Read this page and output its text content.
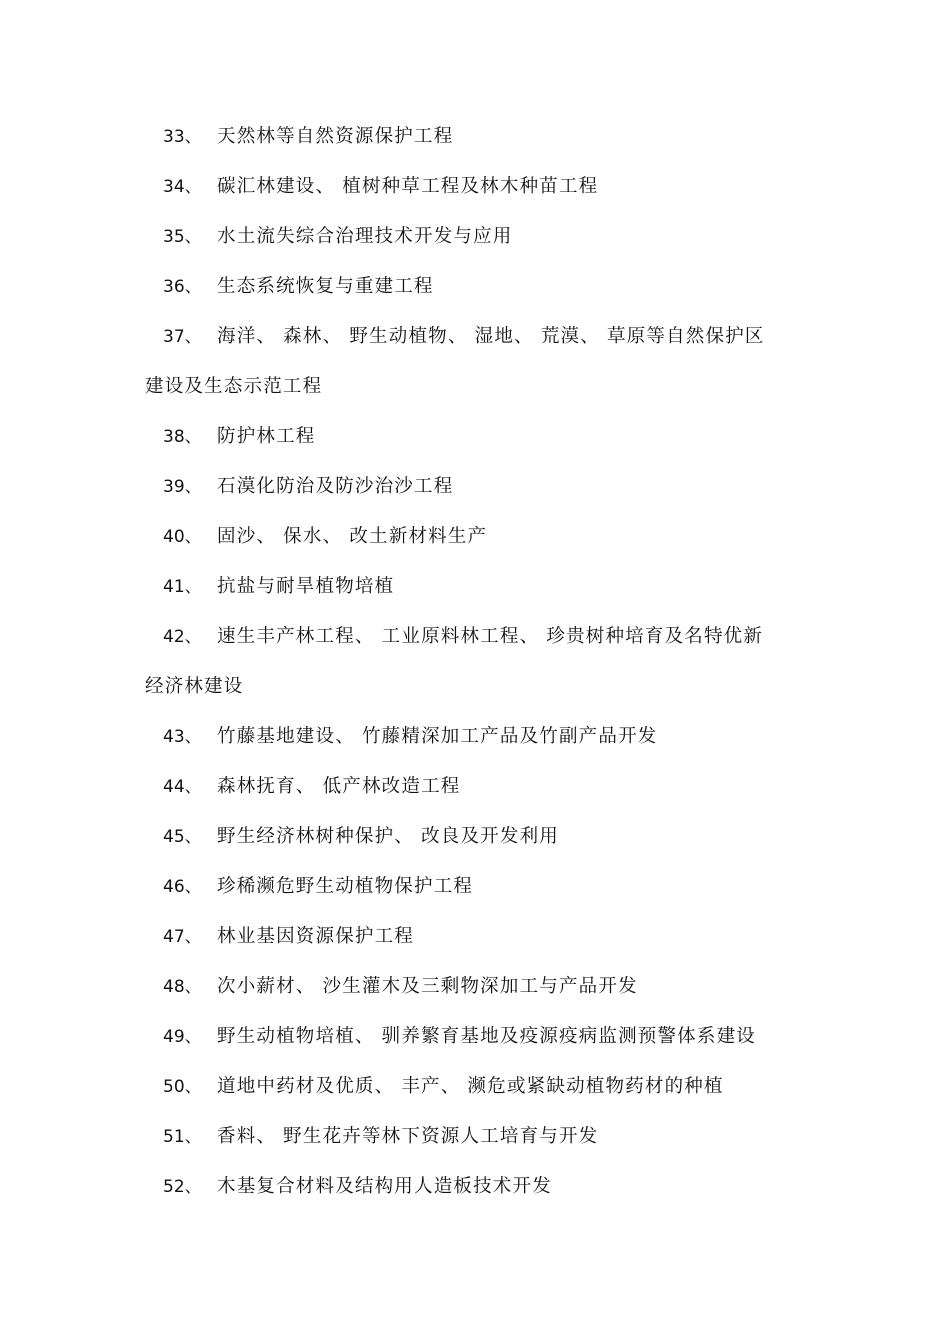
33、 天然林等自然资源保护工程
34、 碳汇林建设、 植树种草工程及林木种苗工程
35、 水土流失综合治理技术开发与应用
36、 生态系统恢复与重建工程
37、 海洋、 森林、 野生动植物、 湿地、 荒漠、 草原等自然保护区
建设及生态示范工程
38、 防护林工程
39、 石漠化防治及防沙治沙工程
40、 固沙、 保水、 改土新材料生产
41、 抗盐与耐旱植物培植
42、 速生丰产林工程、 工业原料林工程、 珍贵树种培育及名特优新
经济林建设
43、 竹藤基地建设、 竹藤精深加工产品及竹副产品开发
44、 森林抚育、 低产林改造工程
45、 野生经济林树种保护、 改良及开发利用
46、 珍稀濒危野生动植物保护工程
47、 林业基因资源保护工程
48、 次小薪材、 沙生灌木及三剩物深加工与产品开发
49、 野生动植物培植、 驯养繁育基地及疫源疫病监测预警体系建设
50、 道地中药材及优质、 丰产、 濒危或紧缺动植物药材的种植
51、 香料、 野生花卉等林下资源人工培育与开发
52、 木基复合材料及结构用人造板技术开发
